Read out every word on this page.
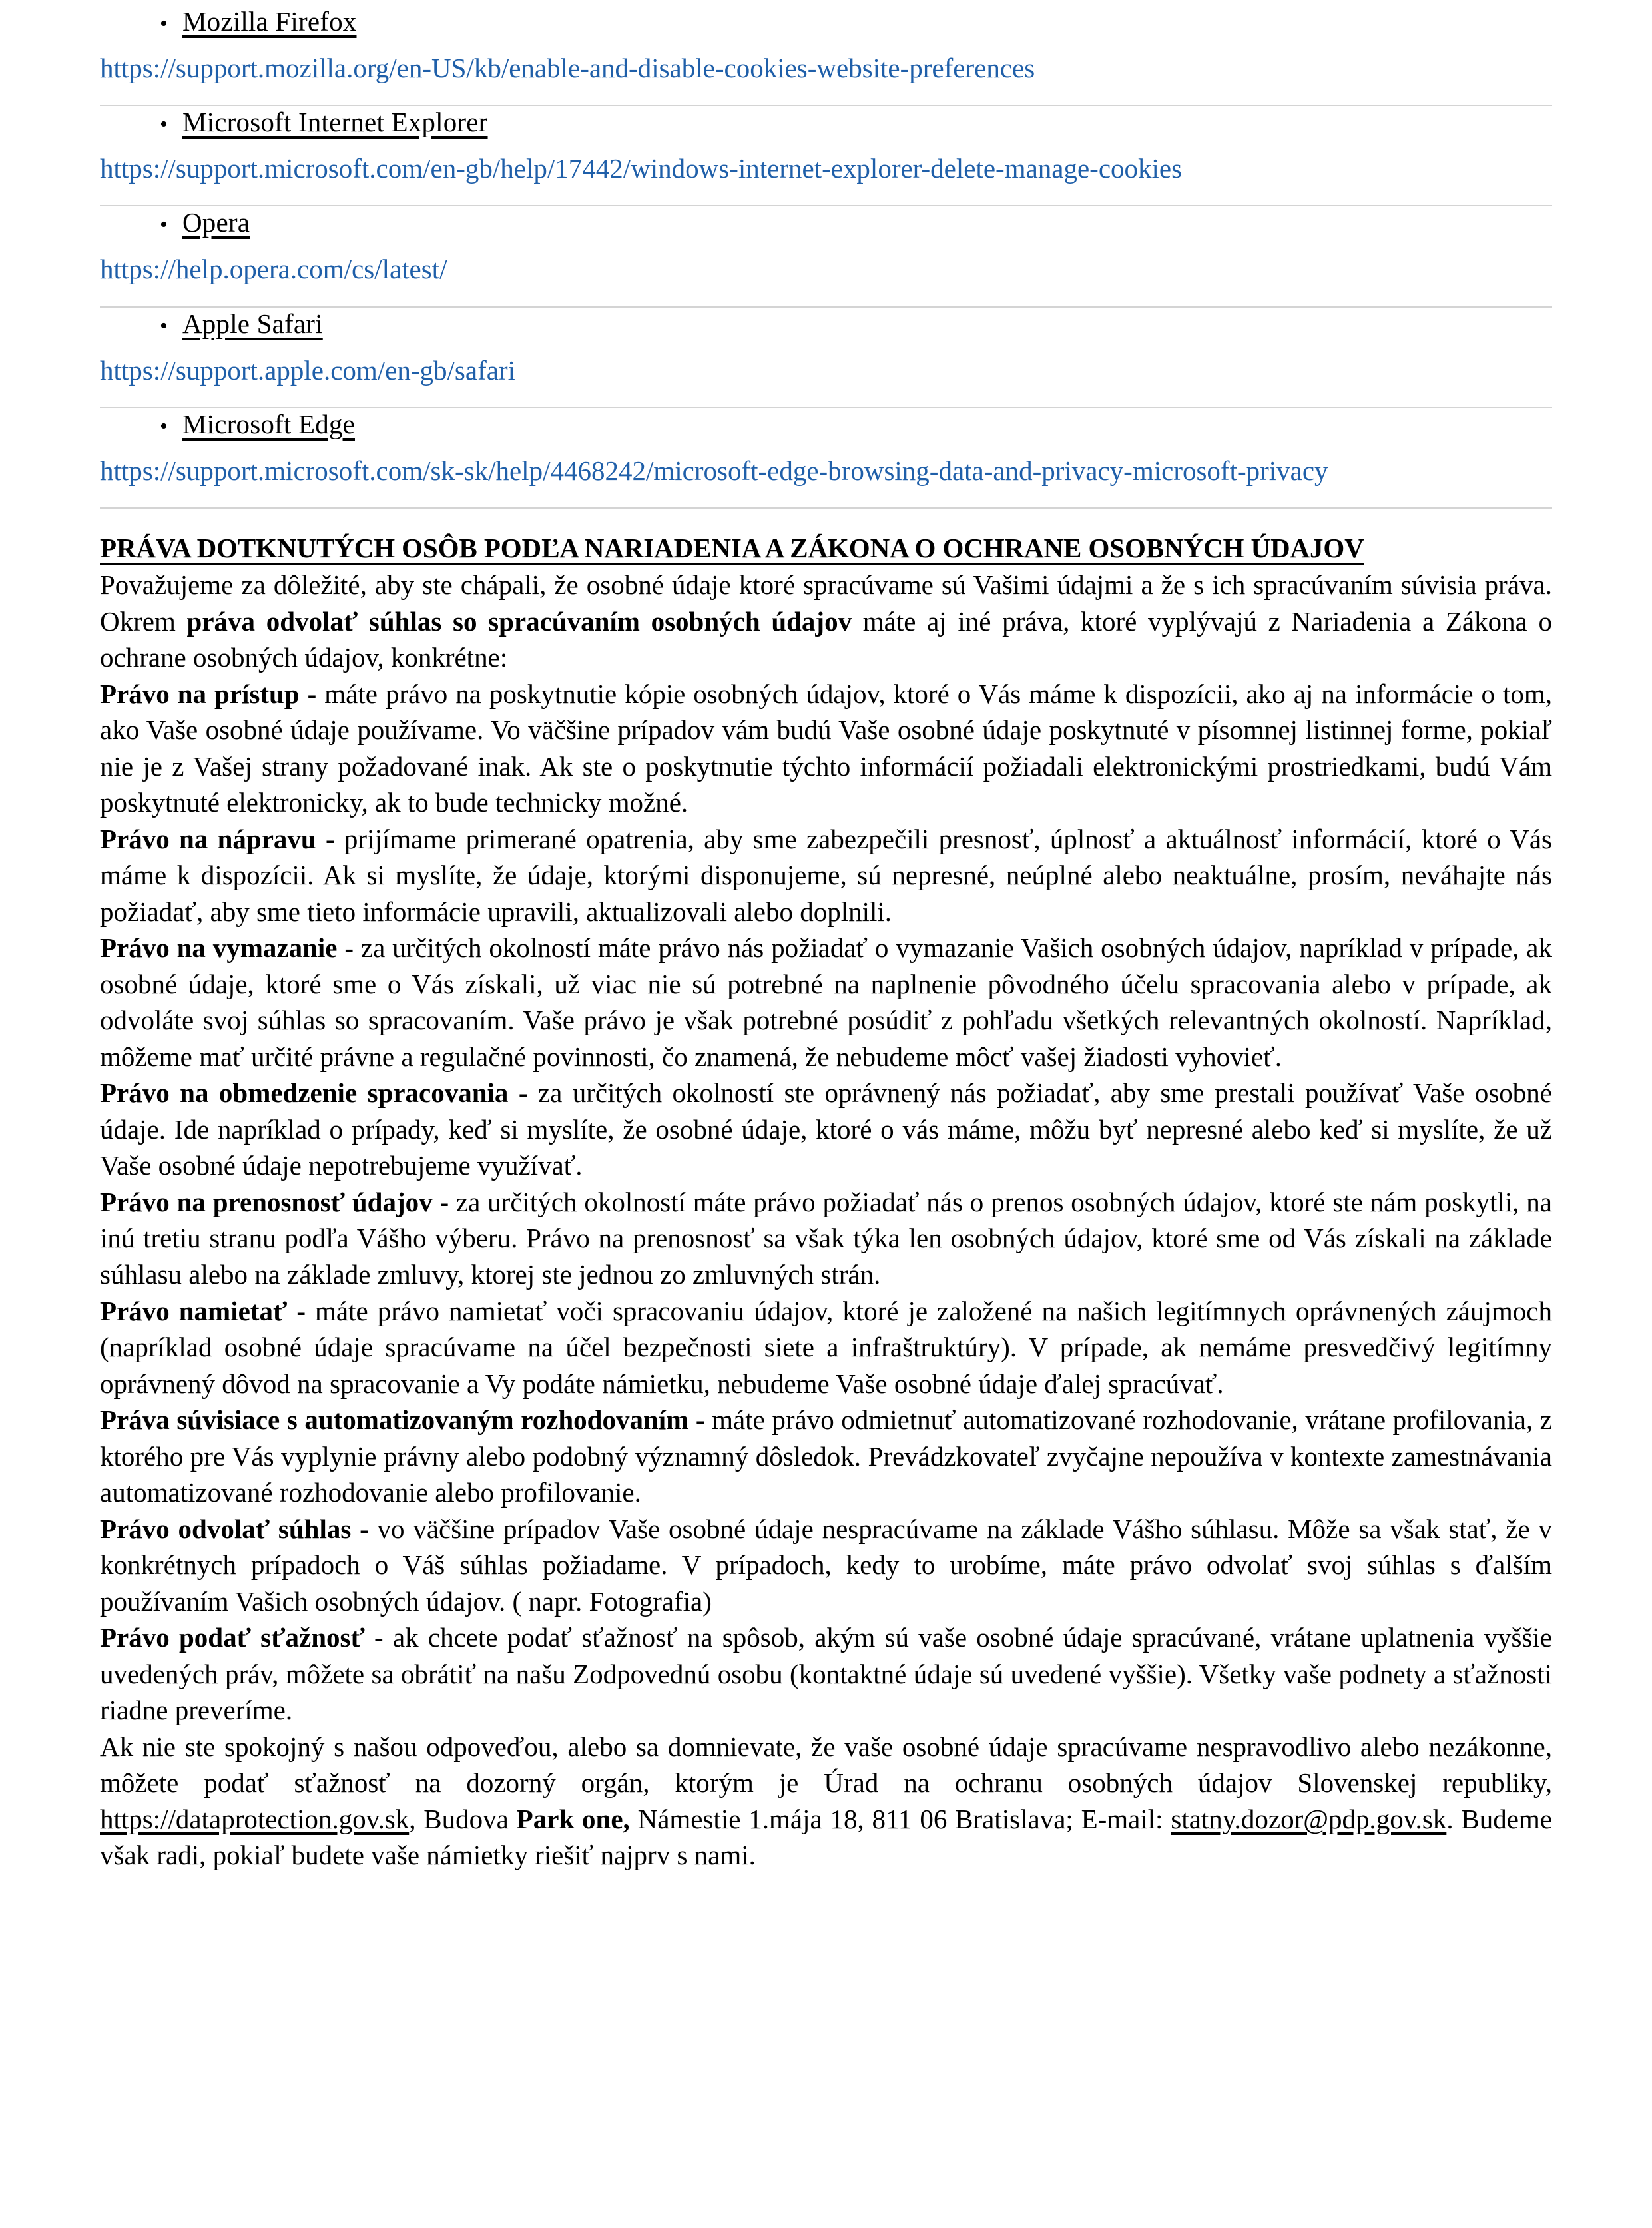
• Mozilla Firefox
https://support.mozilla.org/en-US/kb/enable-and-disable-cookies-website-preferences
• Microsoft Internet Explorer
https://support.microsoft.com/en-gb/help/17442/windows-internet-explorer-delete-manage-cookies
• Opera
https://help.opera.com/cs/latest/
• Apple Safari
https://support.apple.com/en-gb/safari
• Microsoft Edge
https://support.microsoft.com/sk-sk/help/4468242/microsoft-edge-browsing-data-and-privacy-microsoft-privacy
PRÁVA DOTKNUTÝCH OSÔB PODĽA NARIADENIA A ZÁKONA O OCHRANE OSOBNÝCH ÚDAJOV

Považujeme za dôležité, aby ste chápali, že osobné údaje ktoré spracúvame sú Vašimi údajmi a že s ich spracúvaním súvisia práva. Okrem práva odvolať súhlas so spracúvaním osobných údajov máte aj iné práva, ktoré vyplývajú z Nariadenia a Zákona o ochrane osobných údajov, konkrétne:

Právo na prístup - máte právo na poskytnutie kópie osobných údajov, ktoré o Vás máme k dispozícii, ako aj na informácie o tom, ako Vaše osobné údaje používame. Vo väčšine prípadov vám budú Vaše osobné údaje poskytnuté v písomnej listinnej forme, pokiaľ nie je z Vašej strany požadované inak. Ak ste o poskytnutie týchto informácií požiadali elektronickými prostriedkami, budú Vám poskytnuté elektronicky, ak to bude technicky možné.

Právo na nápravu - prijímame primerané opatrenia, aby sme zabezpečili presnosť, úplnosť a aktuálnosť informácií, ktoré o Vás máme k dispozícii. Ak si myslíte, že údaje, ktorými disponujeme, sú nepresné, neúplné alebo neaktuálne, prosím, neváhajte nás požiadať, aby sme tieto informácie upravili, aktualizovali alebo doplnili.

Právo na vymazanie - za určitých okolností máte právo nás požiadať o vymazanie Vašich osobných údajov, napríklad v prípade, ak osobné údaje, ktoré sme o Vás získali, už viac nie sú potrebné na naplnenie pôvodného účelu spracovania alebo v prípade, ak odvoláte svoj súhlas so spracovaním. Vaše právo je však potrebné posúdiť z pohľadu všetkých relevantných okolností. Napríklad, môžeme mať určité právne a regulačné povinnosti, čo znamená, že nebudeme môcť vašej žiadosti vyhovieť.

Právo na obmedzenie spracovania - za určitých okolností ste oprávnený nás požiadať, aby sme prestali používať Vaše osobné údaje. Ide napríklad o prípady, keď si myslíte, že osobné údaje, ktoré o vás máme, môžu byť nepresné alebo keď si myslíte, že už Vaše osobné údaje nepotrebujeme využívať.

Právo na prenosnosť údajov - za určitých okolností máte právo požiadať nás o prenos osobných údajov, ktoré ste nám poskytli, na inú tretiu stranu podľa Vášho výberu. Právo na prenosnosť sa však týka len osobných údajov, ktoré sme od Vás získali na základe súhlasu alebo na základe zmluvy, ktorej ste jednou zo zmluvných strán.

Právo namietať - máte právo namietať voči spracovaniu údajov, ktoré je založené na našich legitímnych oprávnených záujmoch (napríklad osobné údaje spracúvame na účel bezpečnosti siete a infraštruktúry). V prípade, ak nemáme presvedčivý legitímny oprávnený dôvod na spracovanie a Vy podáte námietku, nebudeme Vaše osobné údaje ďalej spracúvať.

Práva súvisiace s automatizovaným rozhodovaním - máte právo odmietnuť automatizované rozhodovanie, vrátane profilovania, z ktorého pre Vás vyplynie právny alebo podobný významný dôsledok. Prevádzkovateľ zvyčajne nepoužíva v kontexte zamestnávania automatizované rozhodovanie alebo profilovanie.

Právo odvolať súhlas - vo väčšine prípadov Vaše osobné údaje nespracúvame na základe Vášho súhlasu. Môže sa však stať, že v konkrétnych prípadoch o Váš súhlas požiadame. V prípadoch, kedy to urobíme, máte právo odvolať svoj súhlas s ďalším používaním Vašich osobných údajov. ( napr. Fotografia)

Právo podať sťažnosť - ak chcete podať sťažnosť na spôsob, akým sú vaše osobné údaje spracúvané, vrátane uplatnenia vyššie uvedených práv, môžete sa obrátiť na našu Zodpovednú osobu (kontaktné údaje sú uvedené vyššie). Všetky vaše podnety a sťažnosti riadne preveríme.

Ak nie ste spokojný s našou odpoveďou, alebo sa domnievate, že vaše osobné údaje spracúvame nespravodlivo alebo nezákonne, môžete podať sťažnosť na dozorný orgán, ktorým je Úrad na ochranu osobných údajov Slovenskej republiky, https://dataprotection.gov.sk, Budova Park one, Námestie 1.mája 18, 811 06 Bratislava; E-mail: statny.dozor@pdp.gov.sk. Budeme však radi, pokiaľ budete vaše námietky riešiť najprv s nami.
